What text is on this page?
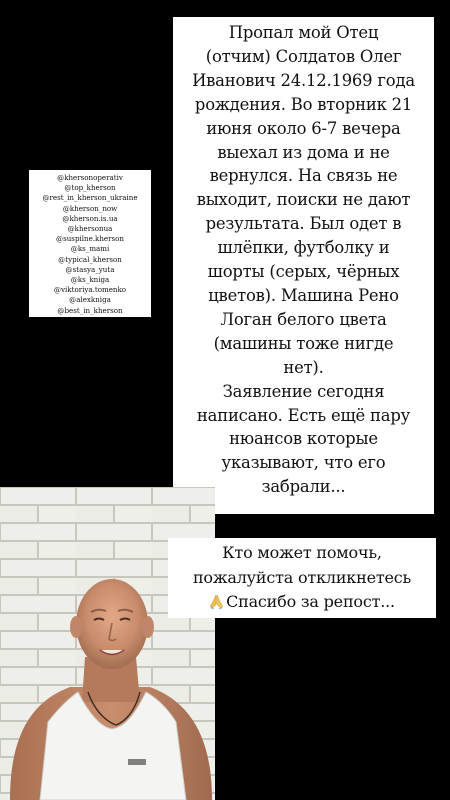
@khersonoperativ
@top_kherson
@rest_in_kherson_ukraine
@kherson_now
@kherson.is.ua
@khersonua
@suspilne.kherson
@ks_mami
@typical_kherson
@stasya_yuta
@ks_kniga
@viktoriya.tomenko
@alexkniga
@best_in_kherson
Пропал мой Отец
(отчим) Солдатов Олег
Иванович 24.12.1969 года
рождения. Во вторник 21
июня около 6-7 вечера
выехал из дома и не
вернулся. На связь не
выходит, поиски не дают
результата. Был одет в
шлёпки, футболку и
шорты (серых, чёрных
цветов). Машина Рено
Логан белого цвета
(машины тоже нигде
нет).
Заявление сегодня
написано. Есть ещё пару
нюансов которые
указывают, что его
забрали...
Кто может помочь,
пожалуйста откликнетесь
Спасибо за репост...
